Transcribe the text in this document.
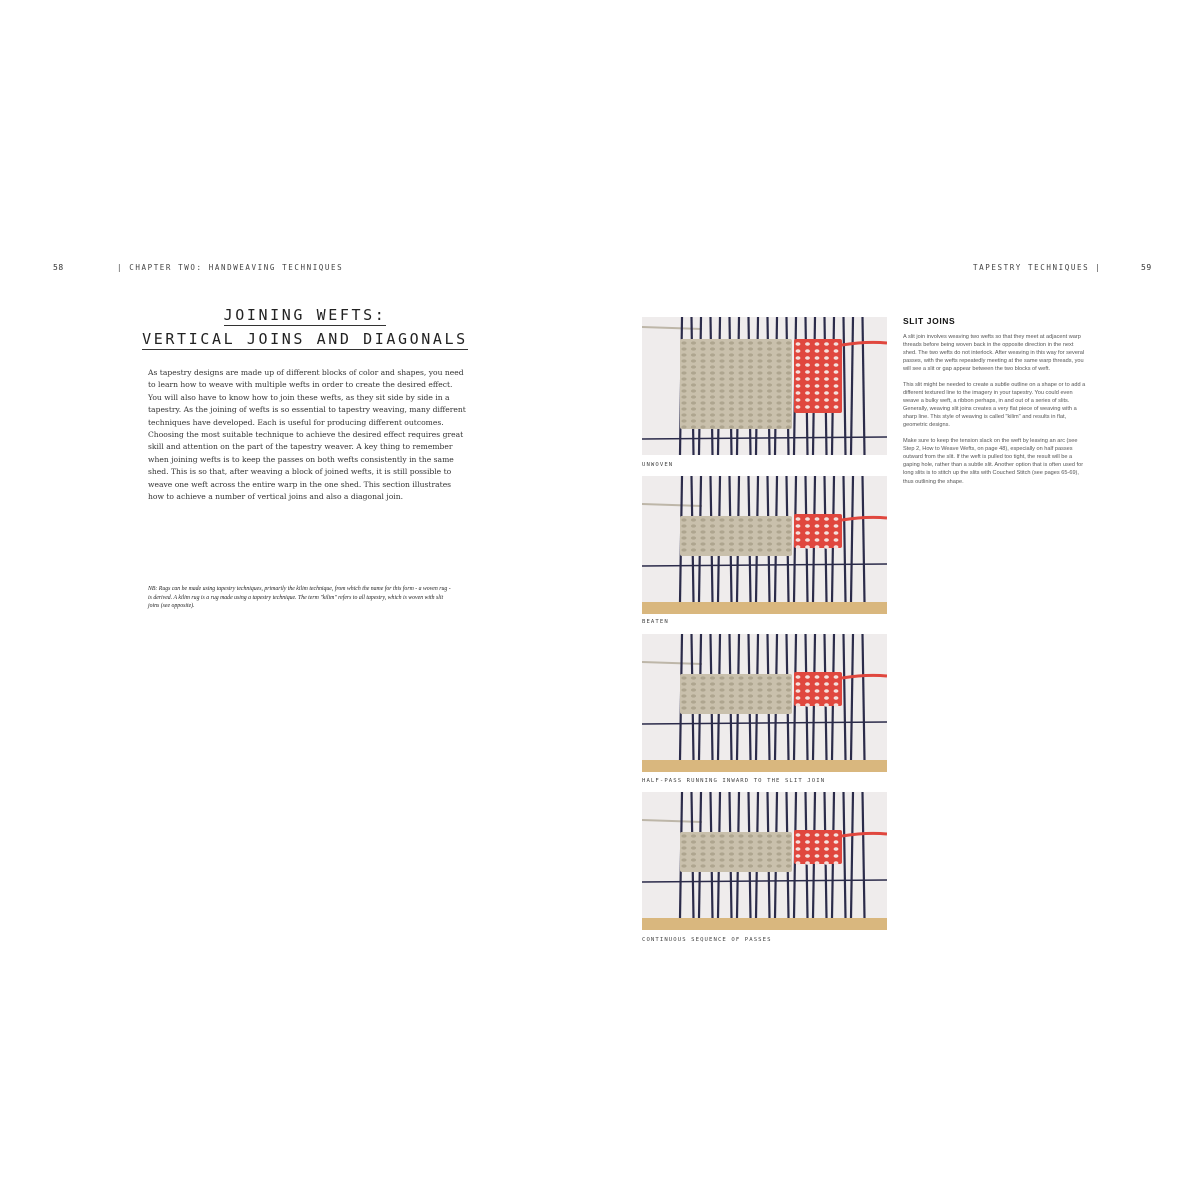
58	| CHAPTER TWO: HANDWEAVING TECHNIQUES
JOINING WEFTS:
VERTICAL JOINS AND DIAGONALS
As tapestry designs are made up of different blocks of color and shapes, you need to learn how to weave with multiple wefts in order to create the desired effect. You will also have to know how to join these wefts, as they sit side by side in a tapestry. As the joining of wefts is so essential to tapestry weaving, many different techniques have developed. Each is useful for producing different outcomes. Choosing the most suitable technique to achieve the desired effect requires great skill and attention on the part of the tapestry weaver. A key thing to remember when joining wefts is to keep the passes on both wefts consistently in the same shed. This is so that, after weaving a block of joined wefts, it is still possible to weave one weft across the entire warp in the one shed. This section illustrates how to achieve a number of vertical joins and also a diagonal join.
NB: Rugs can be made using tapestry techniques, primarily the kilim technique, from which the name for this form - a woven rug - is derived. A kilim rug is a rug made using a tapestry technique. The term "kilim" refers to all tapestry, which is woven with slit joins (see opposite).
TAPESTRY TECHNIQUES |	59
UNWOVEN
BEATEN
HALF-PASS RUNNING INWARD TO THE SLIT JOIN
CONTINUOUS SEQUENCE OF PASSES
SLIT JOINS

A slit join involves weaving two wefts so that they meet at adjacent warp threads before being woven back in the opposite direction in the next shed. The two wefts do not interlock. After weaving in this way for several passes, with the wefts repeatedly meeting at the same warp threads, you will see a slit or gap appear between the two blocks of weft.

This slit might be needed to create a subtle outline on a shape or to add a different textured line to the imagery in your tapestry. You could even weave a bulky weft, a ribbon perhaps, in and out of a series of slits. Generally, weaving slit joins creates a very flat piece of weaving with a sharp line. This style of weaving is called "kilim" and results in flat, geometric designs.

Make sure to keep the tension slack on the weft by leaving an arc (see Step 2, How to Weave Wefts, on page 48), especially on half passes outward from the slit. If the weft is pulled too tight, the result will be a gaping hole, rather than a subtle slit. Another option that is often used for long slits is to stitch up the slits with Couched Stitch (see pages 65-69), thus outlining the shape.
